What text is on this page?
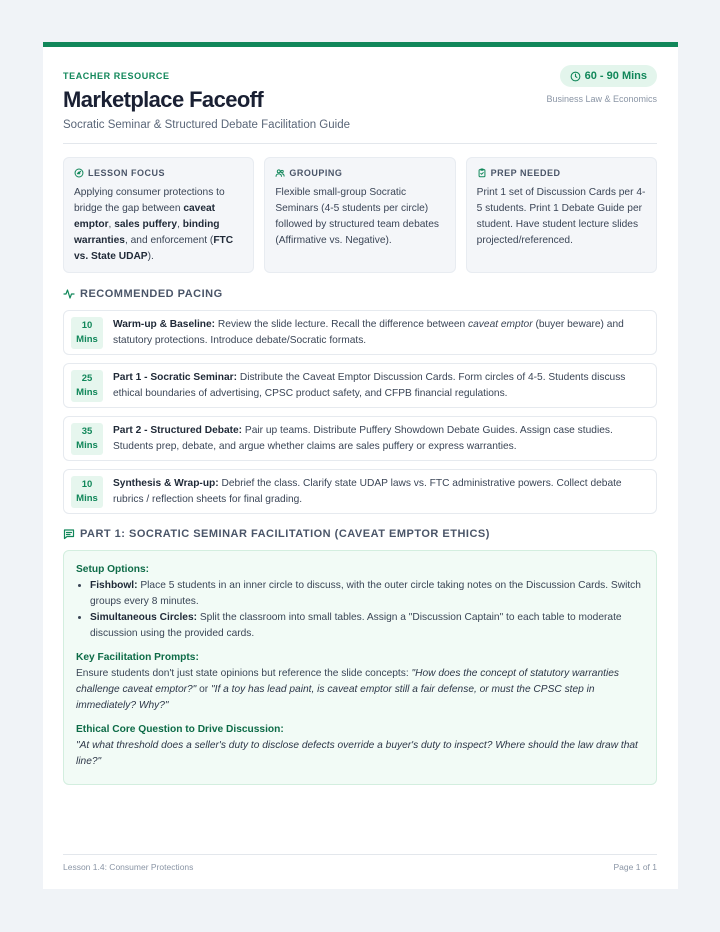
TEACHER RESOURCE
Marketplace Faceoff
Socratic Seminar & Structured Debate Facilitation Guide
60 - 90 Mins
Business Law & Economics
LESSON FOCUS
Applying consumer protections to bridge the gap between caveat emptor, sales puffery, binding warranties, and enforcement (FTC vs. State UDAP).
GROUPING
Flexible small-group Socratic Seminars (4-5 students per circle) followed by structured team debates (Affirmative vs. Negative).
PREP NEEDED
Print 1 set of Discussion Cards per 4-5 students. Print 1 Debate Guide per student. Have student lecture slides projected/referenced.
RECOMMENDED PACING
10
Mins
Warm-up & Baseline: Review the slide lecture. Recall the difference between caveat emptor (buyer beware) and statutory protections. Introduce debate/Socratic formats.
25
Mins
Part 1 - Socratic Seminar: Distribute the Caveat Emptor Discussion Cards. Form circles of 4-5. Students discuss ethical boundaries of advertising, CPSC product safety, and CFPB financial regulations.
35
Mins
Part 2 - Structured Debate: Pair up teams. Distribute Puffery Showdown Debate Guides. Assign case studies. Students prep, debate, and argue whether claims are sales puffery or express warranties.
10
Mins
Synthesis & Wrap-up: Debrief the class. Clarify state UDAP laws vs. FTC administrative powers. Collect debate rubrics / reflection sheets for final grading.
PART 1: SOCRATIC SEMINAR FACILITATION (CAVEAT EMPTOR ETHICS)
Setup Options:
• Fishbowl: Place 5 students in an inner circle to discuss, with the outer circle taking notes on the Discussion Cards. Switch groups every 8 minutes.
• Simultaneous Circles: Split the classroom into small tables. Assign a "Discussion Captain" to each table to moderate discussion using the provided cards.
Key Facilitation Prompts:
Ensure students don't just state opinions but reference the slide concepts: "How does the concept of statutory warranties challenge caveat emptor?" or "If a toy has lead paint, is caveat emptor still a fair defense, or must the CPSC step in immediately? Why?"
Ethical Core Question to Drive Discussion:
"At what threshold does a seller's duty to disclose defects override a buyer's duty to inspect? Where should the law draw that line?"
Lesson 1.4: Consumer Protections	Page 1 of 1
